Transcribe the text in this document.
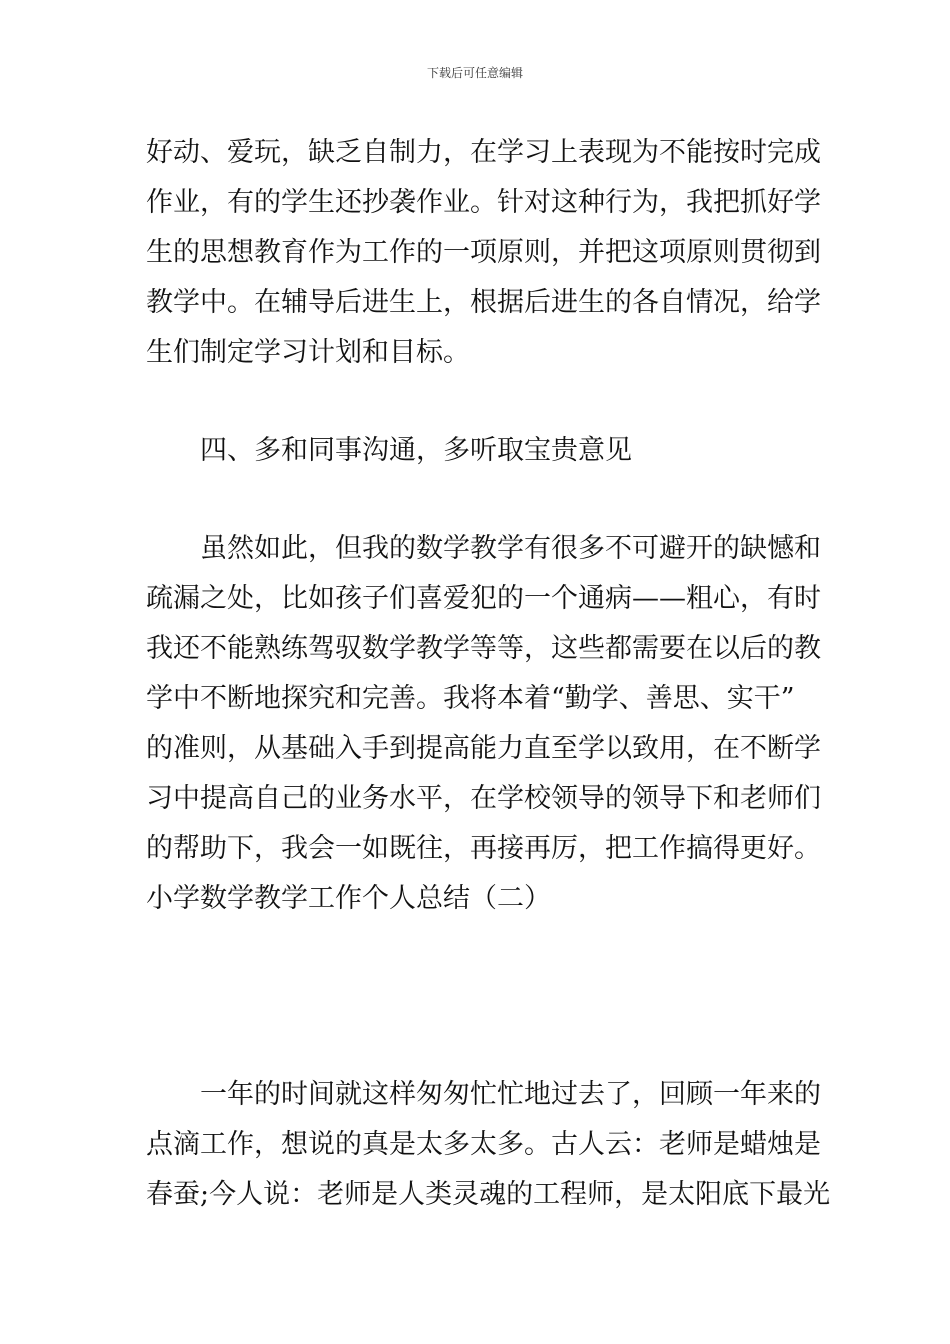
下载后可任意编辑
好动、爱玩，缺乏自制力，在学习上表现为不能按时完成
作业，有的学生还抄袭作业。针对这种行为，我把抓好学
生的思想教育作为工作的一项原则，并把这项原则贯彻到
教学中。在辅导后进生上，根据后进生的各自情况，给学
生们制定学习计划和目标。
四、多和同事沟通，多听取宝贵意见
虽然如此，但我的数学教学有很多不可避开的缺憾和
疏漏之处，比如孩子们喜爱犯的一个通病——粗心，有时
我还不能熟练驾驭数学教学等等，这些都需要在以后的教
学中不断地探究和完善。我将本着“勤学、善思、实干”
的准则，从基础入手到提高能力直至学以致用，在不断学
习中提高自己的业务水平，在学校领导的领导下和老师们
的帮助下，我会一如既往，再接再厉，把工作搞得更好。
小学数学教学工作个人总结（二）
一年的时间就这样匆匆忙忙地过去了，回顾一年来的
点滴工作，想说的真是太多太多。古人云：老师是蜡烛是
春蚕;今人说：老师是人类灵魂的工程师，是太阳底下最光
